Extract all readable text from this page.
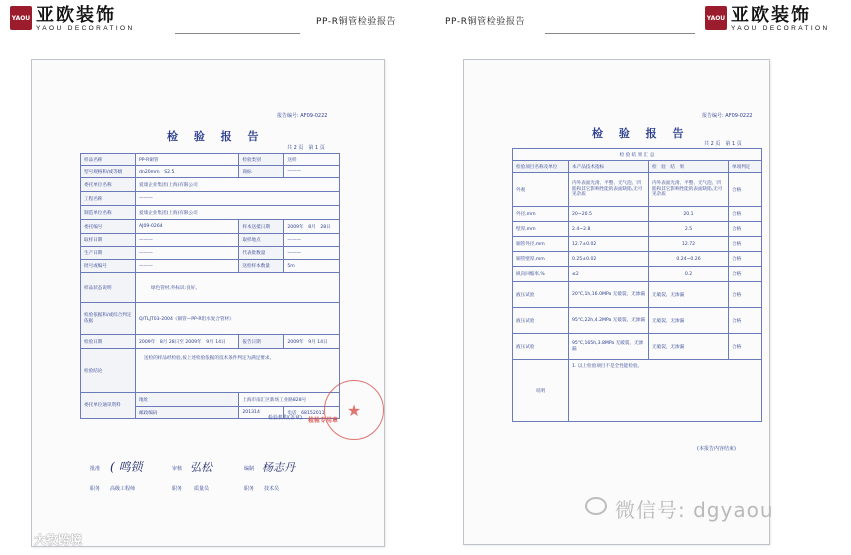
YAOU 亚欧装饰
YAOU DECORATION
PP-R铜管检验报告	PP-R铜管检验报告	YAOU 亚欧装饰
YAOU DECORATION
报告编号: AF09-0222
检 验 报 告
共 2 页　第 1 页
样品名称	PP-R铜管	检验类别	送样
型号规格和/或等级	dn20mm　S2.5	商标	———
委托单位名称	爱康企业集团(上海)有限公司		
工程名称	———		
制造单位名称	爱康企业集团(上海)有限公司		
委托编号	AJ09-0264	样本送抵日期	2009年　8月　28日
取样日期	———	取样地点	———
生产日期	———	代表批数量	———
批号或编号	———	送检样本数量	5m
样品状态说明	绿色管材,外标识:良好。		
检验依据和/或综合判定依据	Q/TLJT03-2004《铜管—PP-R铝水复合管材》		
检验日期	2009年　8月 28日至 2009年　9月 14日	报告日期	2009年　9月 14日
检验结论	送检的样品经检验,按上述检验依据的技术条件判定为满足要求。		
委托单位通讯资料	地址	上海市南汇区新场工业路828号	
	邮政编码	201314	电话　68152011 ★
检验专用章
检验机构(盖章)
批准 ( 鸣锁	审核 弘松	编制 杨志丹
职务 高级工程师	职务 质量员	职务 技术员
报告编号: AF09-0222
检 验 报 告
共 2 页　第 1 页
检 验 结 果 汇 总			
检验项目名称及单位	本产品技术指标	检　验　结　果	单项判定
外观	内外表面光滑、平整、无气泡、凹陷和其它影响性能的表面缺陷,无可见杂质	内外表面光滑、平整、无气泡、凹陷和其它影响性能的表面缺陷,无可见杂质	合格
外径,mm	20~20.5	20.1	合格
壁厚,mm	2.4~2.8	2.5	合格
铜管外径,mm	12.7±0.02	12.72	合格
铜管壁厚,mm	0.25±0.02	0.24~0.26	合格
纵向回缩率,%	≤2	0.2	合格
液压试验	20℃,1h,16.0MPa 无破裂、无渗漏	无破裂、无渗漏	合格
液压试验	95℃,22h,4.2MPa 无破裂、无渗漏	无破裂、无渗漏	合格
液压试验	95℃,165h,3.8MPa 无破裂、无渗漏	无破裂、无渗漏	合格
说明	1. 以上检验项目不是全性能检验。		
(本报告内容结束)
微信号: dgyaou
大牧跨境
